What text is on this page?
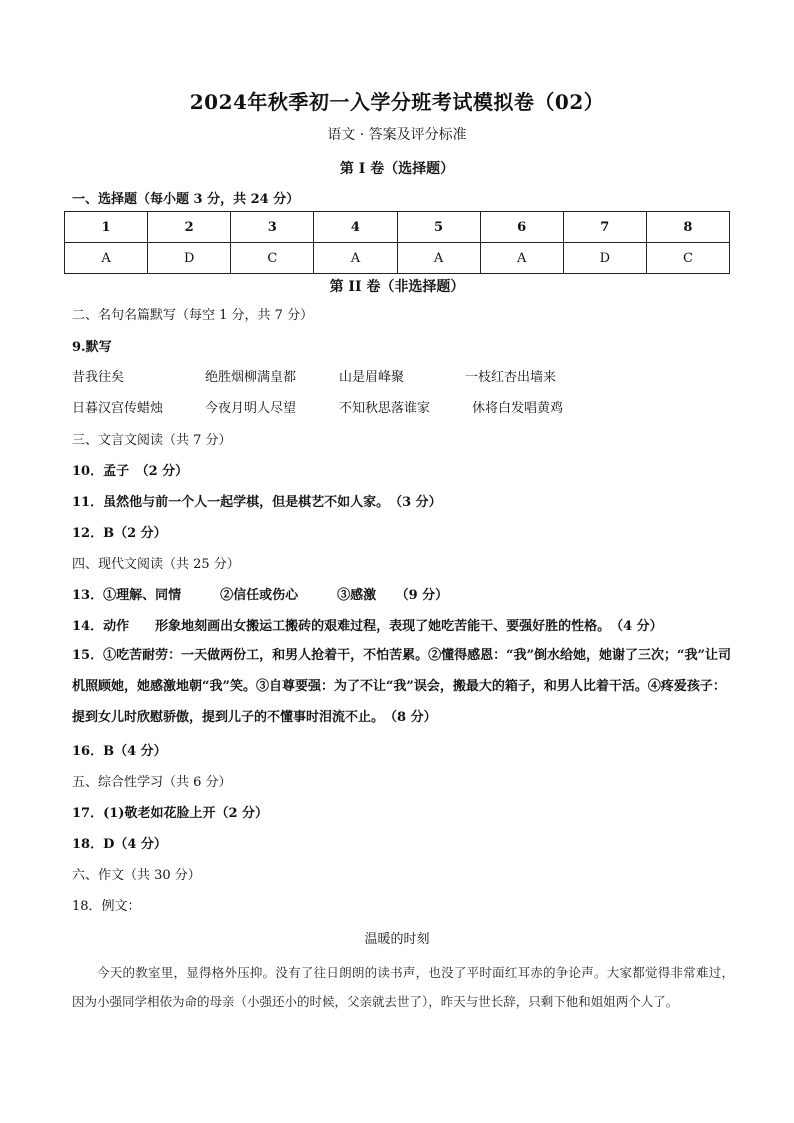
2024年秋季初一入学分班考试模拟卷（02）
语文 · 答案及评分标准
第 I 卷（选择题）
一、选择题（每小题 3 分，共 24 分）
1	2	3	4	5	6	7	8
A	D	C	A	A	A	D	C
第 II 卷（非选择题）
二、名句名篇默写（每空 1 分，共 7 分）
9.默写
昔我往矣	绝胜烟柳满皇都	山是眉峰聚	一枝红杏出墙来
日暮汉宫传蜡烛	今夜月明人尽望	不知秋思落谁家	休将白发唱黄鸡
三、文言文阅读（共 7 分）
10．孟子　（2 分）
11．虽然他与前一个人一起学棋，但是棋艺不如人家。　（3 分）
12．B（2 分）
四、现代文阅读（共 25 分）
13．①理解、同情　　　②信任或伤心　　　③感激　　（9 分）
14．动作　　形象地刻画出女搬运工搬砖的艰难过程，表现了她吃苦能干、要强好胜的性格。　（4 分）
15．①吃苦耐劳：一天做两份工，和男人抢着干，不怕苦累。②懂得感恩：“我”倒水给她，她谢了三次；“我”让司机照顾她，她感激地朝“我”笑。③自尊要强：为了不让“我”误会，搬最大的箱子，和男人比着干活。④疼爱孩子：提到女儿时欣慰骄傲，提到儿子的不懂事时泪流不止。　（8 分）
16．B（4 分）
五、综合性学习（共 6 分）
17．(1)敬老如花脸上开（2 分）
18．D（4 分）
六、作文（共 30 分）
18．例文：
温暖的时刻
今天的教室里，显得格外压抑。没有了往日朗朗的读书声，也没了平时面红耳赤的争论声。大家都觉得非常难过，因为小强同学相依为命的母亲（小强还小的时候，父亲就去世了），昨天与世长辞，只剩下他和姐姐两个人了。
